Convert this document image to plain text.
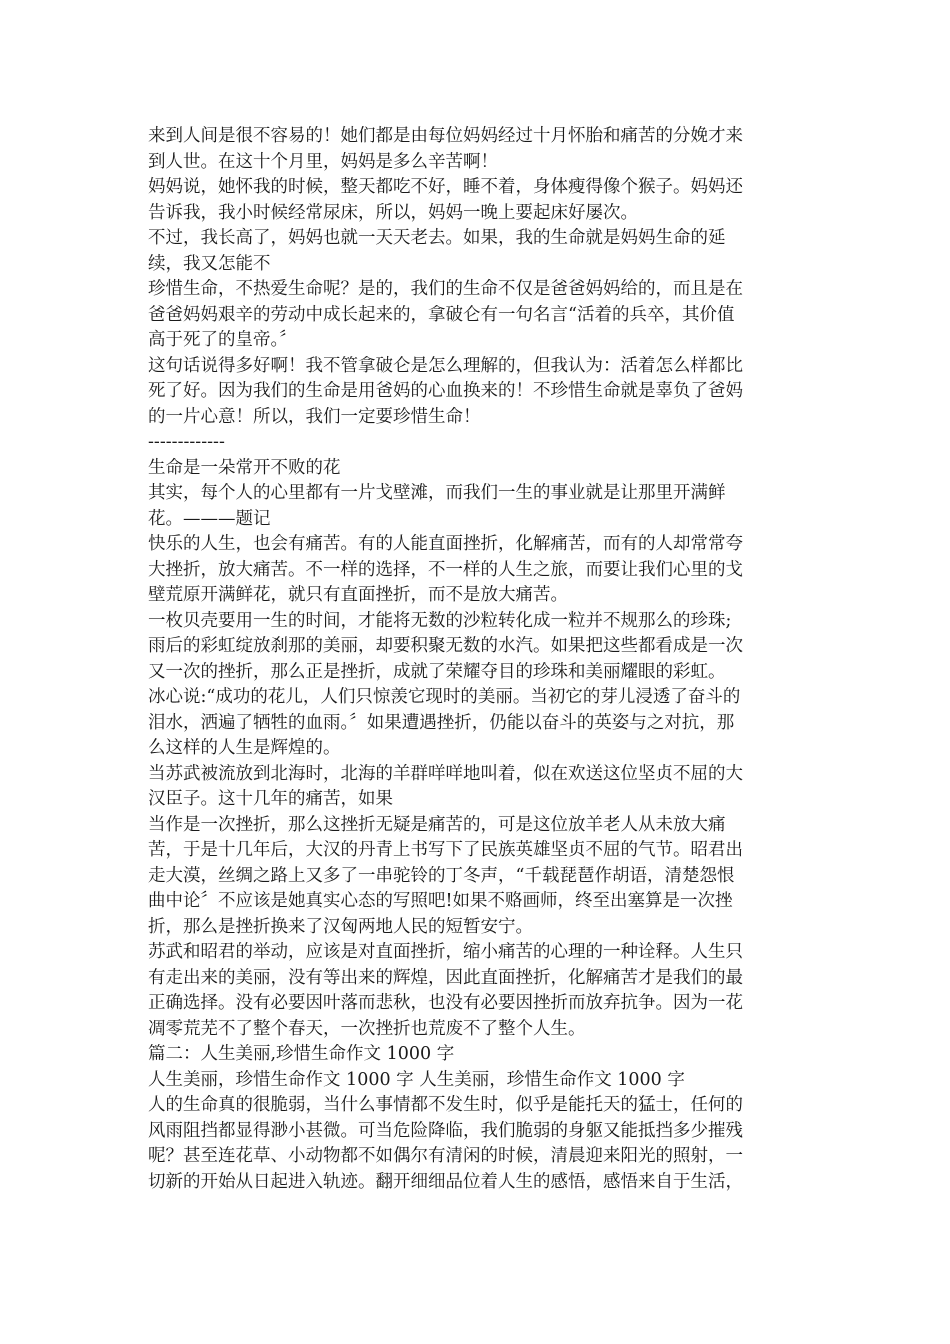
来到人间是很不容易的！她们都是由每位妈妈经过十月怀胎和痛苦的分娩才来
到人世。在这十个月里，妈妈是多么辛苦啊！
妈妈说，她怀我的时候，整天都吃不好，睡不着，身体瘦得像个猴子。妈妈还
告诉我，我小时候经常尿床，所以，妈妈一晚上要起床好屡次。
不过，我长高了，妈妈也就一天天老去。如果，我的生命就是妈妈生命的延
续，我又怎能不
珍惜生命，不热爱生命呢？是的，我们的生命不仅是爸爸妈妈给的，而且是在
爸爸妈妈艰辛的劳动中成长起来的，拿破仑有一句名言“活着的兵卒，其价值
高于死了的皇帝。〞
这句话说得多好啊！我不管拿破仑是怎么理解的，但我认为：活着怎么样都比
死了好。因为我们的生命是用爸妈的心血换来的！不珍惜生命就是辜负了爸妈
的一片心意！所以，我们一定要珍惜生命！
-------------
生命是一朵常开不败的花
其实，每个人的心里都有一片戈壁滩，而我们一生的事业就是让那里开满鲜
花。———题记
快乐的人生，也会有痛苦。有的人能直面挫折，化解痛苦，而有的人却常常夸
大挫折，放大痛苦。不一样的选择，不一样的人生之旅，而要让我们心里的戈
壁荒原开满鲜花，就只有直面挫折，而不是放大痛苦。
一枚贝壳要用一生的时间，才能将无数的沙粒转化成一粒并不规那么的珍珠;
雨后的彩虹绽放刹那的美丽，却要积聚无数的水汽。如果把这些都看成是一次
又一次的挫折，那么正是挫折，成就了荣耀夺目的珍珠和美丽耀眼的彩虹。
冰心说:“成功的花儿，人们只惊羡它现时的美丽。当初它的芽儿浸透了奋斗的
泪水，洒遍了牺牲的血雨。〞如果遭遇挫折，仍能以奋斗的英姿与之对抗，那
么这样的人生是辉煌的。
当苏武被流放到北海时，北海的羊群咩咩地叫着，似在欢送这位坚贞不屈的大
汉臣子。这十几年的痛苦，如果
当作是一次挫折，那么这挫折无疑是痛苦的，可是这位放羊老人从未放大痛
苦，于是十几年后，大汉的丹青上书写下了民族英雄坚贞不屈的气节。昭君出
走大漠，丝绸之路上又多了一串驼铃的丁冬声，“千载琵琶作胡语，清楚怨恨
曲中论〞不应该是她真实心态的写照吧!如果不赂画师，终至出塞算是一次挫
折，那么是挫折换来了汉匈两地人民的短暂安宁。
苏武和昭君的举动，应该是对直面挫折，缩小痛苦的心理的一种诠释。人生只
有走出来的美丽，没有等出来的辉煌，因此直面挫折，化解痛苦才是我们的最
正确选择。没有必要因叶落而悲秋，也没有必要因挫折而放弃抗争。因为一花
凋零荒芜不了整个春天，一次挫折也荒废不了整个人生。
篇二：人生美丽,珍惜生命作文 1000 字
人生美丽，珍惜生命作文 1000 字 人生美丽，珍惜生命作文 1000 字
人的生命真的很脆弱，当什么事情都不发生时，似乎是能托天的猛士，任何的
风雨阻挡都显得渺小甚微。可当危险降临，我们脆弱的身躯又能抵挡多少摧残
呢？甚至连花草、小动物都不如偶尔有清闲的时候，清晨迎来阳光的照射，一
切新的开始从日起进入轨迹。翻开细细品位着人生的感悟，感悟来自于生活，
